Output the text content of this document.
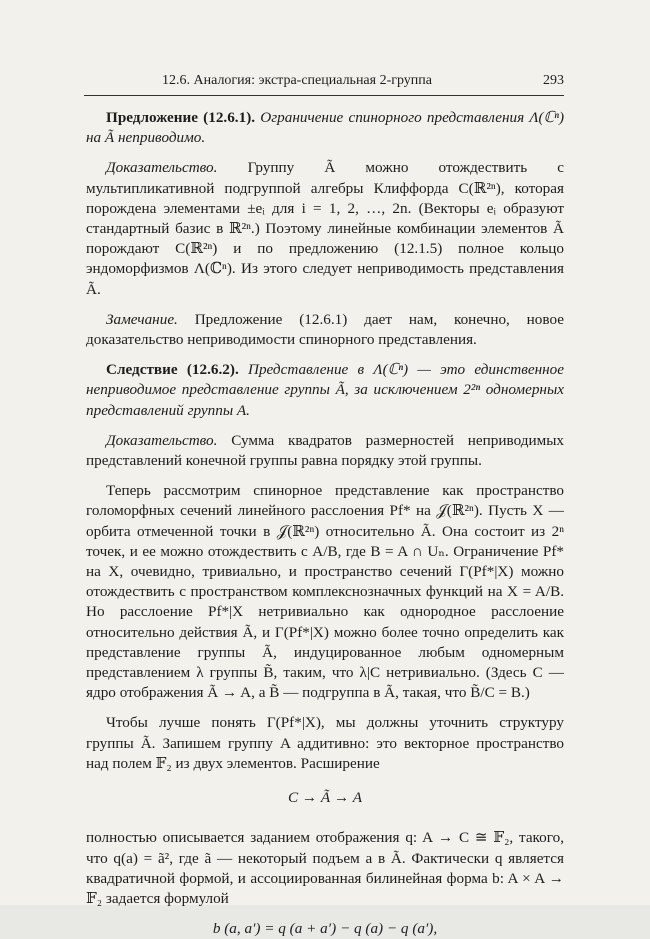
12.6. Аналогия: экстра-специальная 2-группа	293

Предложение (12.6.1). Ограничение спинорного представления Λ(ℂⁿ) на Ã неприводимо.

Доказательство. Группу Ã можно отождествить с мультипликативной подгруппой алгебры Клиффорда C(ℝ²ⁿ), которая порождена элементами ±eᵢ для i = 1, 2, …, 2n. (Векторы eᵢ образуют стандартный базис в ℝ²ⁿ.) Поэтому линейные комбинации элементов Ã порождают C(ℝ²ⁿ) и по предложению (12.1.5) полное кольцо эндоморфизмов Λ(ℂⁿ). Из этого следует неприводимость представления Ã.

Замечание. Предложение (12.6.1) дает нам, конечно, новое доказательство неприводимости спинорного представления.

Следствие (12.6.2). Представление в Λ(ℂⁿ) — это единственное неприводимое представление группы Ã, за исключением 2²ⁿ одномерных представлений группы A.

Доказательство. Сумма квадратов размерностей неприводимых представлений конечной группы равна порядку этой группы.

Теперь рассмотрим спинорное представление как пространство голоморфных сечений линейного расслоения Pf* на 𝒥(ℝ²ⁿ). Пусть X — орбита отмеченной точки в 𝒥(ℝ²ⁿ) относительно Ã. Она состоит из 2ⁿ точек, и ее можно отождествить с A/B, где B = A ∩ Uₙ. Ограничение Pf* на X, очевидно, тривиально, и пространство сечений Γ(Pf*|X) можно отождествить с пространством комплекснозначных функций на X = A/B. Но расслоение Pf*|X нетривиально как однородное расслоение относительно действия Ã, и Γ(Pf*|X) можно более точно определить как представление группы Ã, индуцированное любым одномерным представлением λ группы B̃, таким, что λ|C нетривиально. (Здесь C — ядро отображения Ã → A, а B̃ — подгруппа в Ã, такая, что B̃/C = B.)

Чтобы лучше понять Γ(Pf*|X), мы должны уточнить структуру группы Ã. Запишем группу A аддитивно: это векторное пространство над полем 𝔽₂ из двух элементов. Расширение

C → Ã → A

полностью описывается заданием отображения q: A → C ≅ 𝔽₂, такого, что q(a) = ã², где ã — некоторый подъем a в Ã. Фактически q является квадратичной формой, и ассоциированная билинейная форма b: A × A → 𝔽₂ задается формулой

b (a, a′) = q (a + a′) − q (a) − q (a′),
